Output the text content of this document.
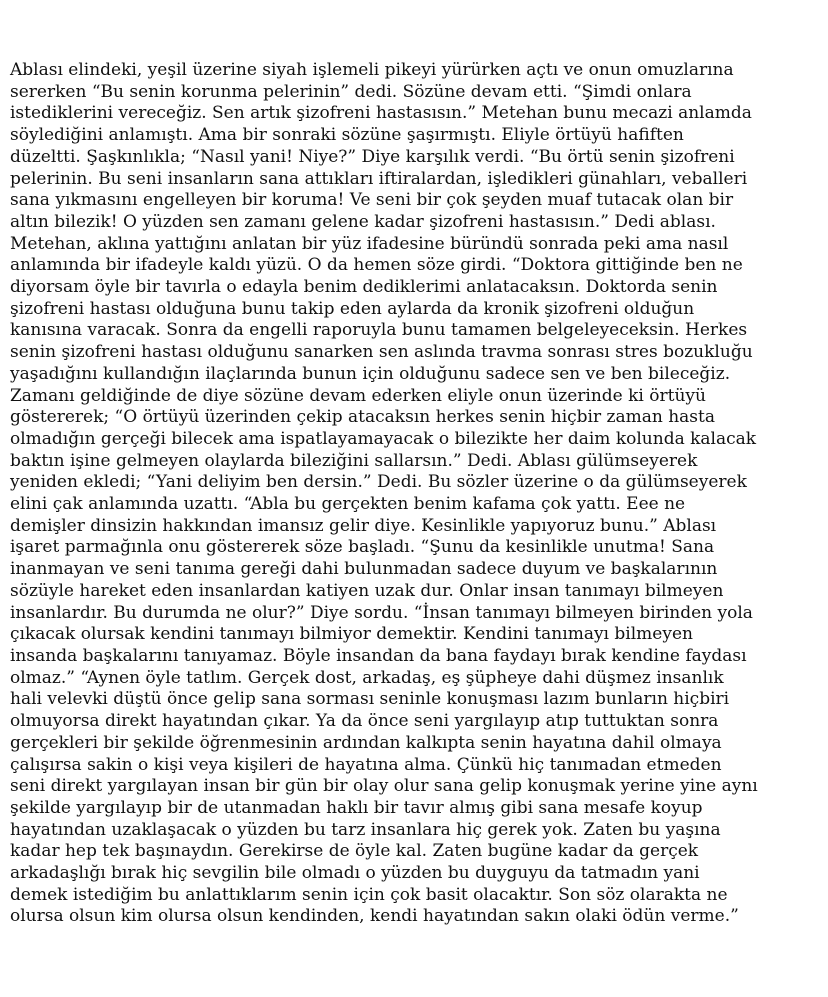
Ablası elindeki, yeşil üzerine siyah işlemeli pikeyi yürürken açtı ve onun omuzlarına
sererken “Bu senin korunma pelerinin” dedi. Sözüne devam etti. “Şimdi onlara
istediklerini vereceğiz. Sen artık şizofreni hastasısın.” Metehan bunu mecazi anlamda
söylediğini anlamıştı. Ama bir sonraki sözüne şaşırmıştı. Eliyle örtüyü hafiften
düzeltti. Şaşkınlıkla; “Nasıl yani! Niye?” Diye karşılık verdi. “Bu örtü senin şizofreni
pelerinin. Bu seni insanların sana attıkları iftiralardan, işledikleri günahları, veballeri
sana yıkmasını engelleyen bir koruma! Ve seni bir çok şeyden muaf tutacak olan bir
altın bilezik! O yüzden sen zamanı gelene kadar şizofreni hastasısın.” Dedi ablası.
Metehan, aklına yattığını anlatan bir yüz ifadesine büründü sonrada peki ama nasıl
anlamında bir ifadeyle kaldı yüzü. O da hemen söze girdi. “Doktora gittiğinde ben ne
diyorsam öyle bir tavırla o edayla benim dediklerimi anlatacaksın. Doktorda senin
şizofreni hastası olduğuna bunu takip eden aylarda da kronik şizofreni olduğun
kanısına varacak. Sonra da engelli raporuyla bunu tamamen belgeleyeceksin. Herkes
senin şizofreni hastası olduğunu sanarken sen aslında travma sonrası stres bozukluğu
yaşadığını kullandığın ilaçlarında bunun için olduğunu sadece sen ve ben bileceğiz.
Zamanı geldiğinde de diye sözüne devam ederken eliyle onun üzerinde ki örtüyü
göstererek; “O örtüyü üzerinden çekip atacaksın herkes senin hiçbir zaman hasta
olmadığın gerçeği bilecek ama ispatlayamayacak o bilezikte her daim kolunda kalacak
baktın işine gelmeyen olaylarda bileziğini sallarsın.” Dedi. Ablası gülümseyerek
yeniden ekledi; “Yani deliyim ben dersin.” Dedi. Bu sözler üzerine o da gülümseyerek
elini çak anlamında uzattı. “Abla bu gerçekten benim kafama çok yattı. Eee ne
demişler dinsizin hakkından imansız gelir diye. Kesinlikle yapıyoruz bunu.” Ablası
işaret parmağınla onu göstererek söze başladı. “Şunu da kesinlikle unutma! Sana
inanmayan ve seni tanıma gereği dahi bulunmadan sadece duyum ve başkalarının
sözüyle hareket eden insanlardan katiyen uzak dur. Onlar insan tanımayı bilmeyen
insanlardır. Bu durumda ne olur?” Diye sordu. “İnsan tanımayı bilmeyen birinden yola
çıkacak olursak kendini tanımayı bilmiyor demektir. Kendini tanımayı bilmeyen
insanda başkalarını tanıyamaz. Böyle insandan da bana faydayı bırak kendine faydası
olmaz.” “Aynen öyle tatlım. Gerçek dost, arkadaş, eş şüpheye dahi düşmez insanlık
hali velevki düştü önce gelip sana sorması seninle konuşması lazım bunların hiçbiri
olmuyorsa direkt hayatından çıkar. Ya da önce seni yargılayıp atıp tuttuktan sonra
gerçekleri bir şekilde öğrenmesinin ardından kalkıpta senin hayatına dahil olmaya
çalışırsa sakin o kişi veya kişileri de hayatına alma. Çünkü hiç tanımadan etmeden
seni direkt yargılayan insan bir gün bir olay olur sana gelip konuşmak yerine yine aynı
şekilde yargılayıp bir de utanmadan haklı bir tavır almış gibi sana mesafe koyup
hayatından uzaklaşacak o yüzden bu tarz insanlara hiç gerek yok. Zaten bu yaşına
kadar hep tek başınaydın. Gerekirse de öyle kal. Zaten bugüne kadar da gerçek
arkadaşlığı bırak hiç sevgilin bile olmadı o yüzden bu duyguyu da tatmadın yani
demek istediğim bu anlattıklarım senin için çok basit olacaktır. Son söz olarakta ne
olursa olsun kim olursa olsun kendinden, kendi hayatından sakın olaki ödün verme.”
